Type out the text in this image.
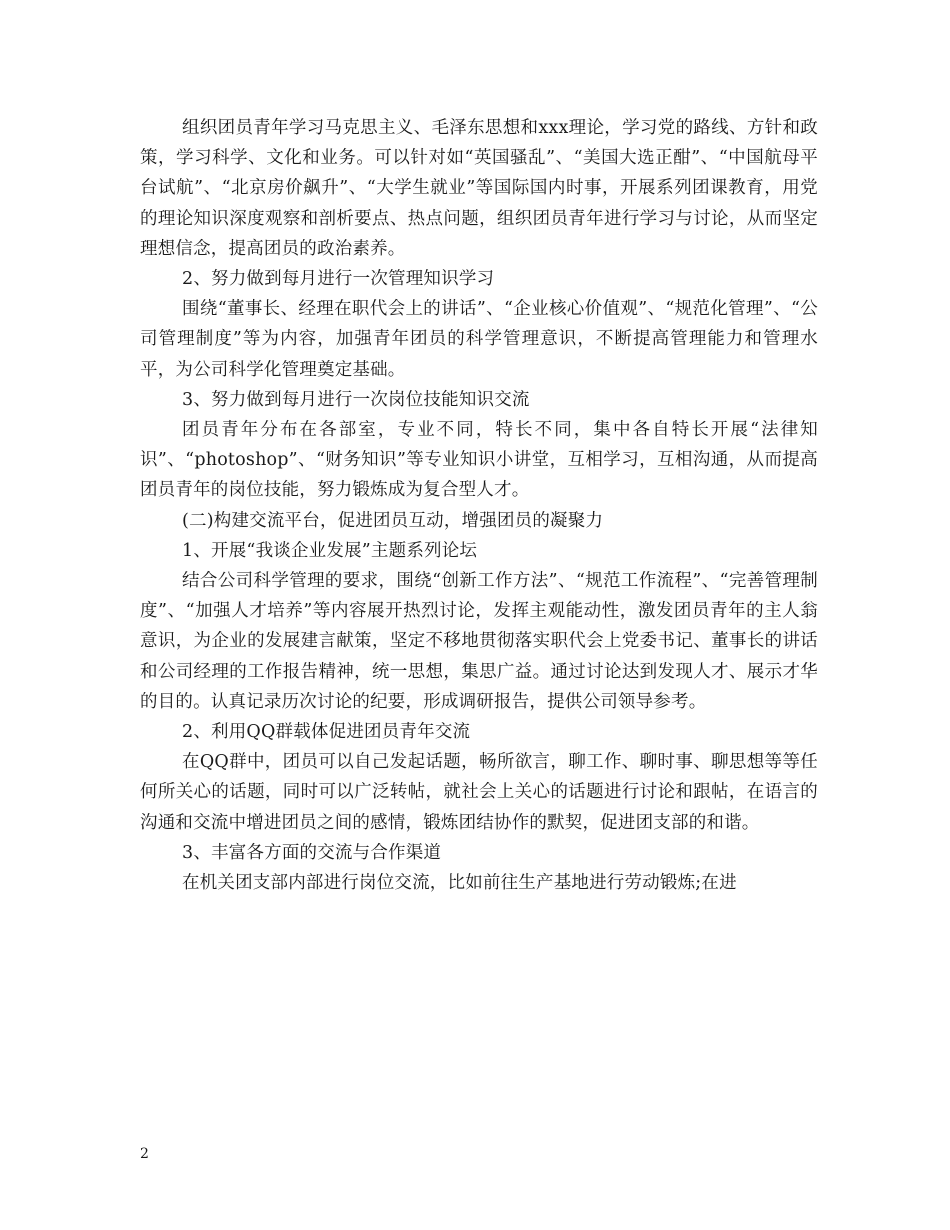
组织团员青年学习马克思主义、毛泽东思想和xxx理论，学习党的路线、方针和政策，学习科学、文化和业务。可以针对如“英国骚乱”、“美国大选正酣”、“中国航母平台试航”、“北京房价飙升”、“大学生就业”等国际国内时事，开展系列团课教育，用党的理论知识深度观察和剖析要点、热点问题，组织团员青年进行学习与讨论，从而坚定理想信念，提高团员的政治素养。

2、努力做到每月进行一次管理知识学习

围绕“董事长、经理在职代会上的讲话”、“企业核心价值观”、“规范化管理”、“公司管理制度”等为内容，加强青年团员的科学管理意识，不断提高管理能力和管理水平，为公司科学化管理奠定基础。

3、努力做到每月进行一次岗位技能知识交流

团员青年分布在各部室，专业不同，特长不同，集中各自特长开展“法律知识”、“photoshop”、“财务知识”等专业知识小讲堂，互相学习，互相沟通，从而提高团员青年的岗位技能，努力锻炼成为复合型人才。

(二)构建交流平台，促进团员互动，增强团员的凝聚力

1、开展“我谈企业发展”主题系列论坛

结合公司科学管理的要求，围绕“创新工作方法”、“规范工作流程”、“完善管理制度”、“加强人才培养”等内容展开热烈讨论，发挥主观能动性，激发团员青年的主人翁意识，为企业的发展建言献策，坚定不移地贯彻落实职代会上党委书记、董事长的讲话和公司经理的工作报告精神，统一思想，集思广益。通过讨论达到发现人才、展示才华的目的。认真记录历次讨论的纪要，形成调研报告，提供公司领导参考。

2、利用QQ群载体促进团员青年交流

在QQ群中，团员可以自己发起话题，畅所欲言，聊工作、聊时事、聊思想等等任何所关心的话题，同时可以广泛转帖，就社会上关心的话题进行讨论和跟帖，在语言的沟通和交流中增进团员之间的感情，锻炼团结协作的默契，促进团支部的和谐。

3、丰富各方面的交流与合作渠道

在机关团支部内部进行岗位交流，比如前往生产基地进行劳动锻炼;在进

2
